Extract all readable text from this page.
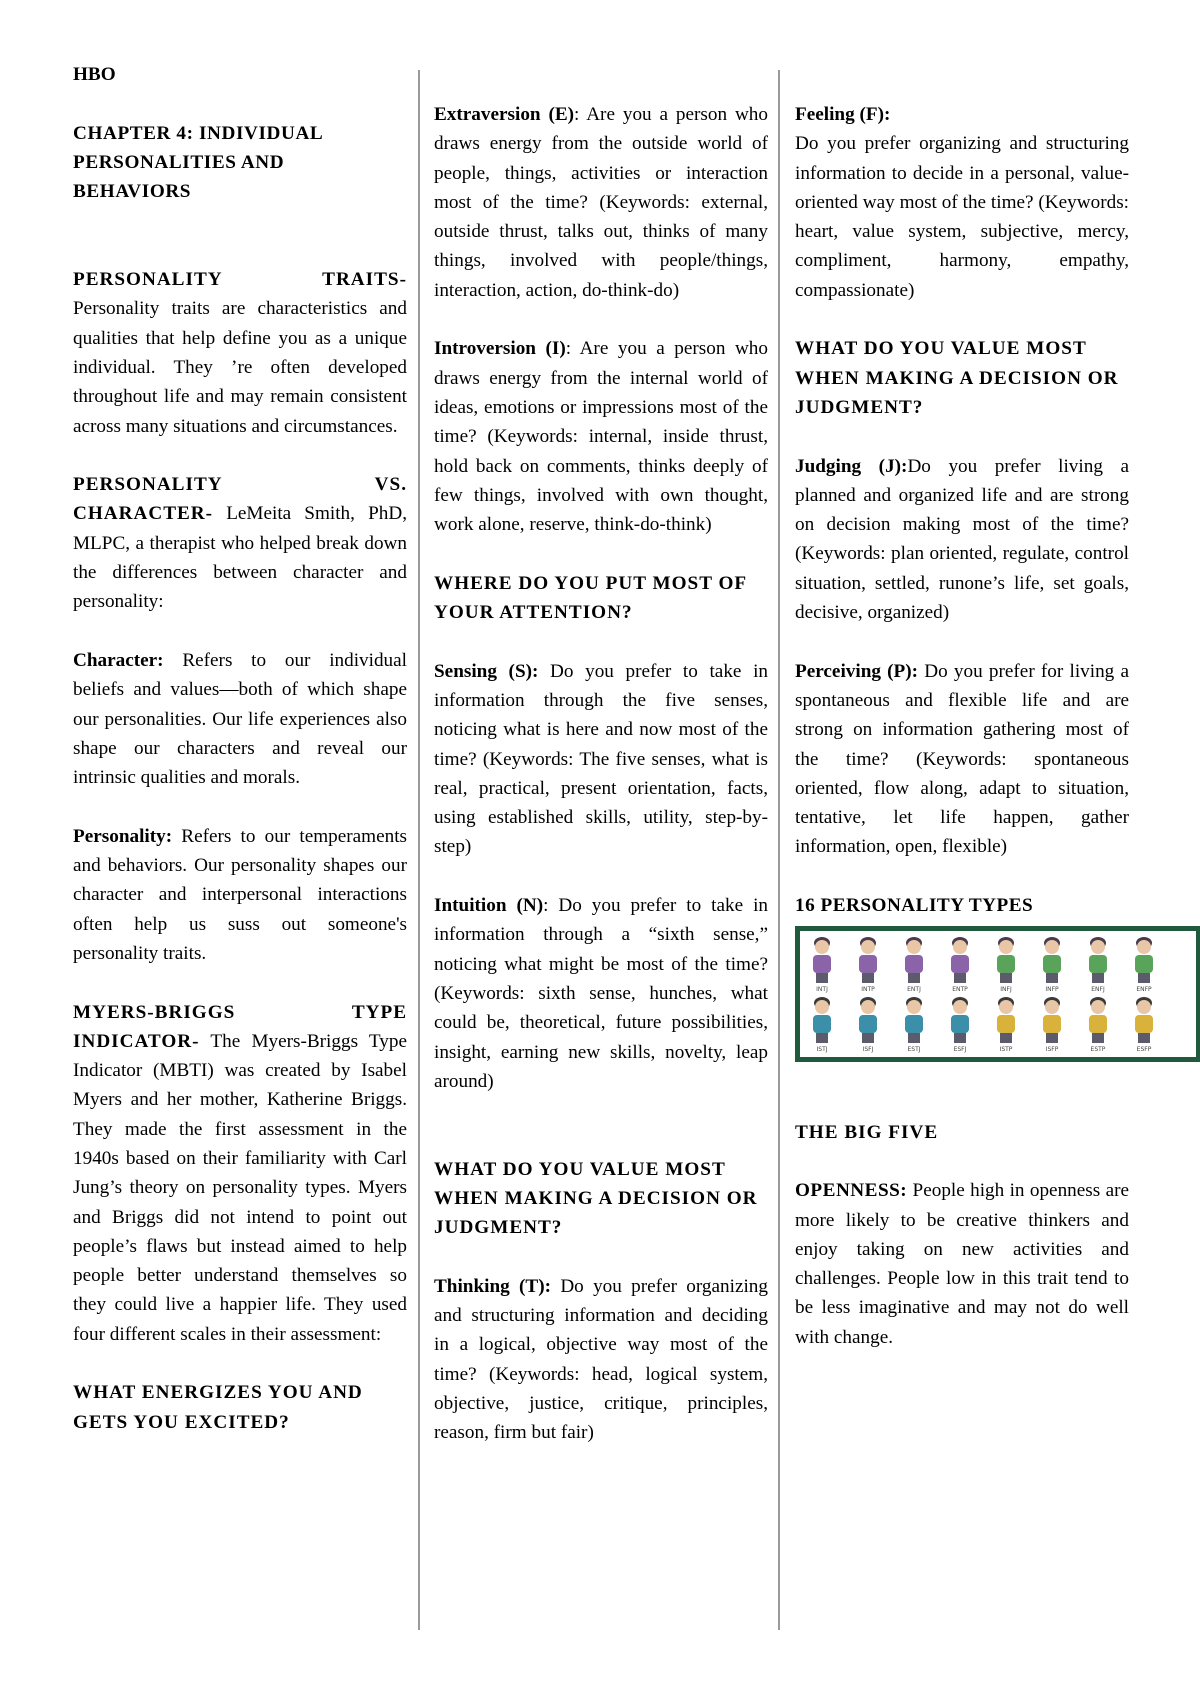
HBO

CHAPTER 4: INDIVIDUAL PERSONALITIES AND BEHAVIORS

PERSONALITY TRAITS-
Personality traits are characteristics and qualities that help define you as a unique individual. They ’re often developed throughout life and may remain consistent across many situations and circumstances.

PERSONALITY VS.
CHARACTER- LeMeita Smith, PhD, MLPC, a therapist who helped break down the differences between character and personality:

Character: Refers to our individual beliefs and values—both of which shape our personalities. Our life experiences also shape our characters and reveal our intrinsic qualities and morals.

Personality: Refers to our temperaments and behaviors. Our personality shapes our character and interpersonal interactions often help us suss out someone's personality traits.

MYERS-BRIGGS TYPE
INDICATOR- The Myers-Briggs Type Indicator (MBTI) was created by Isabel Myers and her mother, Katherine Briggs. They made the first assessment in the 1940s based on their familiarity with Carl Jung’s theory on personality types. Myers and Briggs did not intend to point out people’s flaws but instead aimed to help people better understand themselves so they could live a happier life. They used four different scales in their assessment:

WHAT ENERGIZES YOU AND GETS YOU EXCITED?

Extraversion (E): Are you a person who draws energy from the outside world of people, things, activities or interaction most of the time? (Keywords: external, outside thrust, talks out, thinks of many things, involved with people/things, interaction, action, do-think-do)

Introversion (I): Are you a person who draws energy from the internal world of ideas, emotions or impressions most of the time? (Keywords: internal, inside thrust, hold back on comments, thinks deeply of few things, involved with own thought, work alone, reserve, think-do-think)

WHERE DO YOU PUT MOST OF YOUR ATTENTION?

Sensing (S): Do you prefer to take in information through the five senses, noticing what is here and now most of the time? (Keywords: The five senses, what is real, practical, present orientation, facts, using established skills, utility, step-by-step)

Intuition (N): Do you prefer to take in information through a “sixth sense,” noticing what might be most of the time? (Keywords: sixth sense, hunches, what could be, theoretical, future possibilities, insight, earning new skills, novelty, leap around)

WHAT DO YOU VALUE MOST WHEN MAKING A DECISION OR JUDGMENT?

Thinking (T): Do you prefer organizing and structuring information and deciding in a logical, objective way most of the time? (Keywords: head, logical system, objective, justice, critique, principles, reason, firm but fair)

Feeling (F):

Do you prefer organizing and structuring information to decide in a personal, value-oriented way most of the time? (Keywords: heart, value system, subjective, mercy, compliment, harmony, empathy, compassionate)

WHAT DO YOU VALUE MOST WHEN MAKING A DECISION OR JUDGMENT?

Judging (J):Do you prefer living a planned and organized life and are strong on decision making most of the time? (Keywords: plan oriented, regulate, control situation, settled, runone’s life, set goals, decisive, organized)

Perceiving (P): Do you prefer for living a spontaneous and flexible life and are strong on information gathering most of the time? (Keywords: spontaneous oriented, flow along, adapt to situation, tentative, let life happen, gather information, open, flexible)

16 PERSONALITY TYPES
INTJ	INTP	ENTJ	ENTP	INFJ	INFP	ENFJ	ENFP
ISTJ	ISFJ	ESTJ	ESFJ	ISTP	ISFP	ESTP	ESFP
THE BIG FIVE

OPENNESS: People high in openness are more likely to be creative thinkers and enjoy taking on new activities and challenges. People low in this trait tend to be less imaginative and may not do well with change.
